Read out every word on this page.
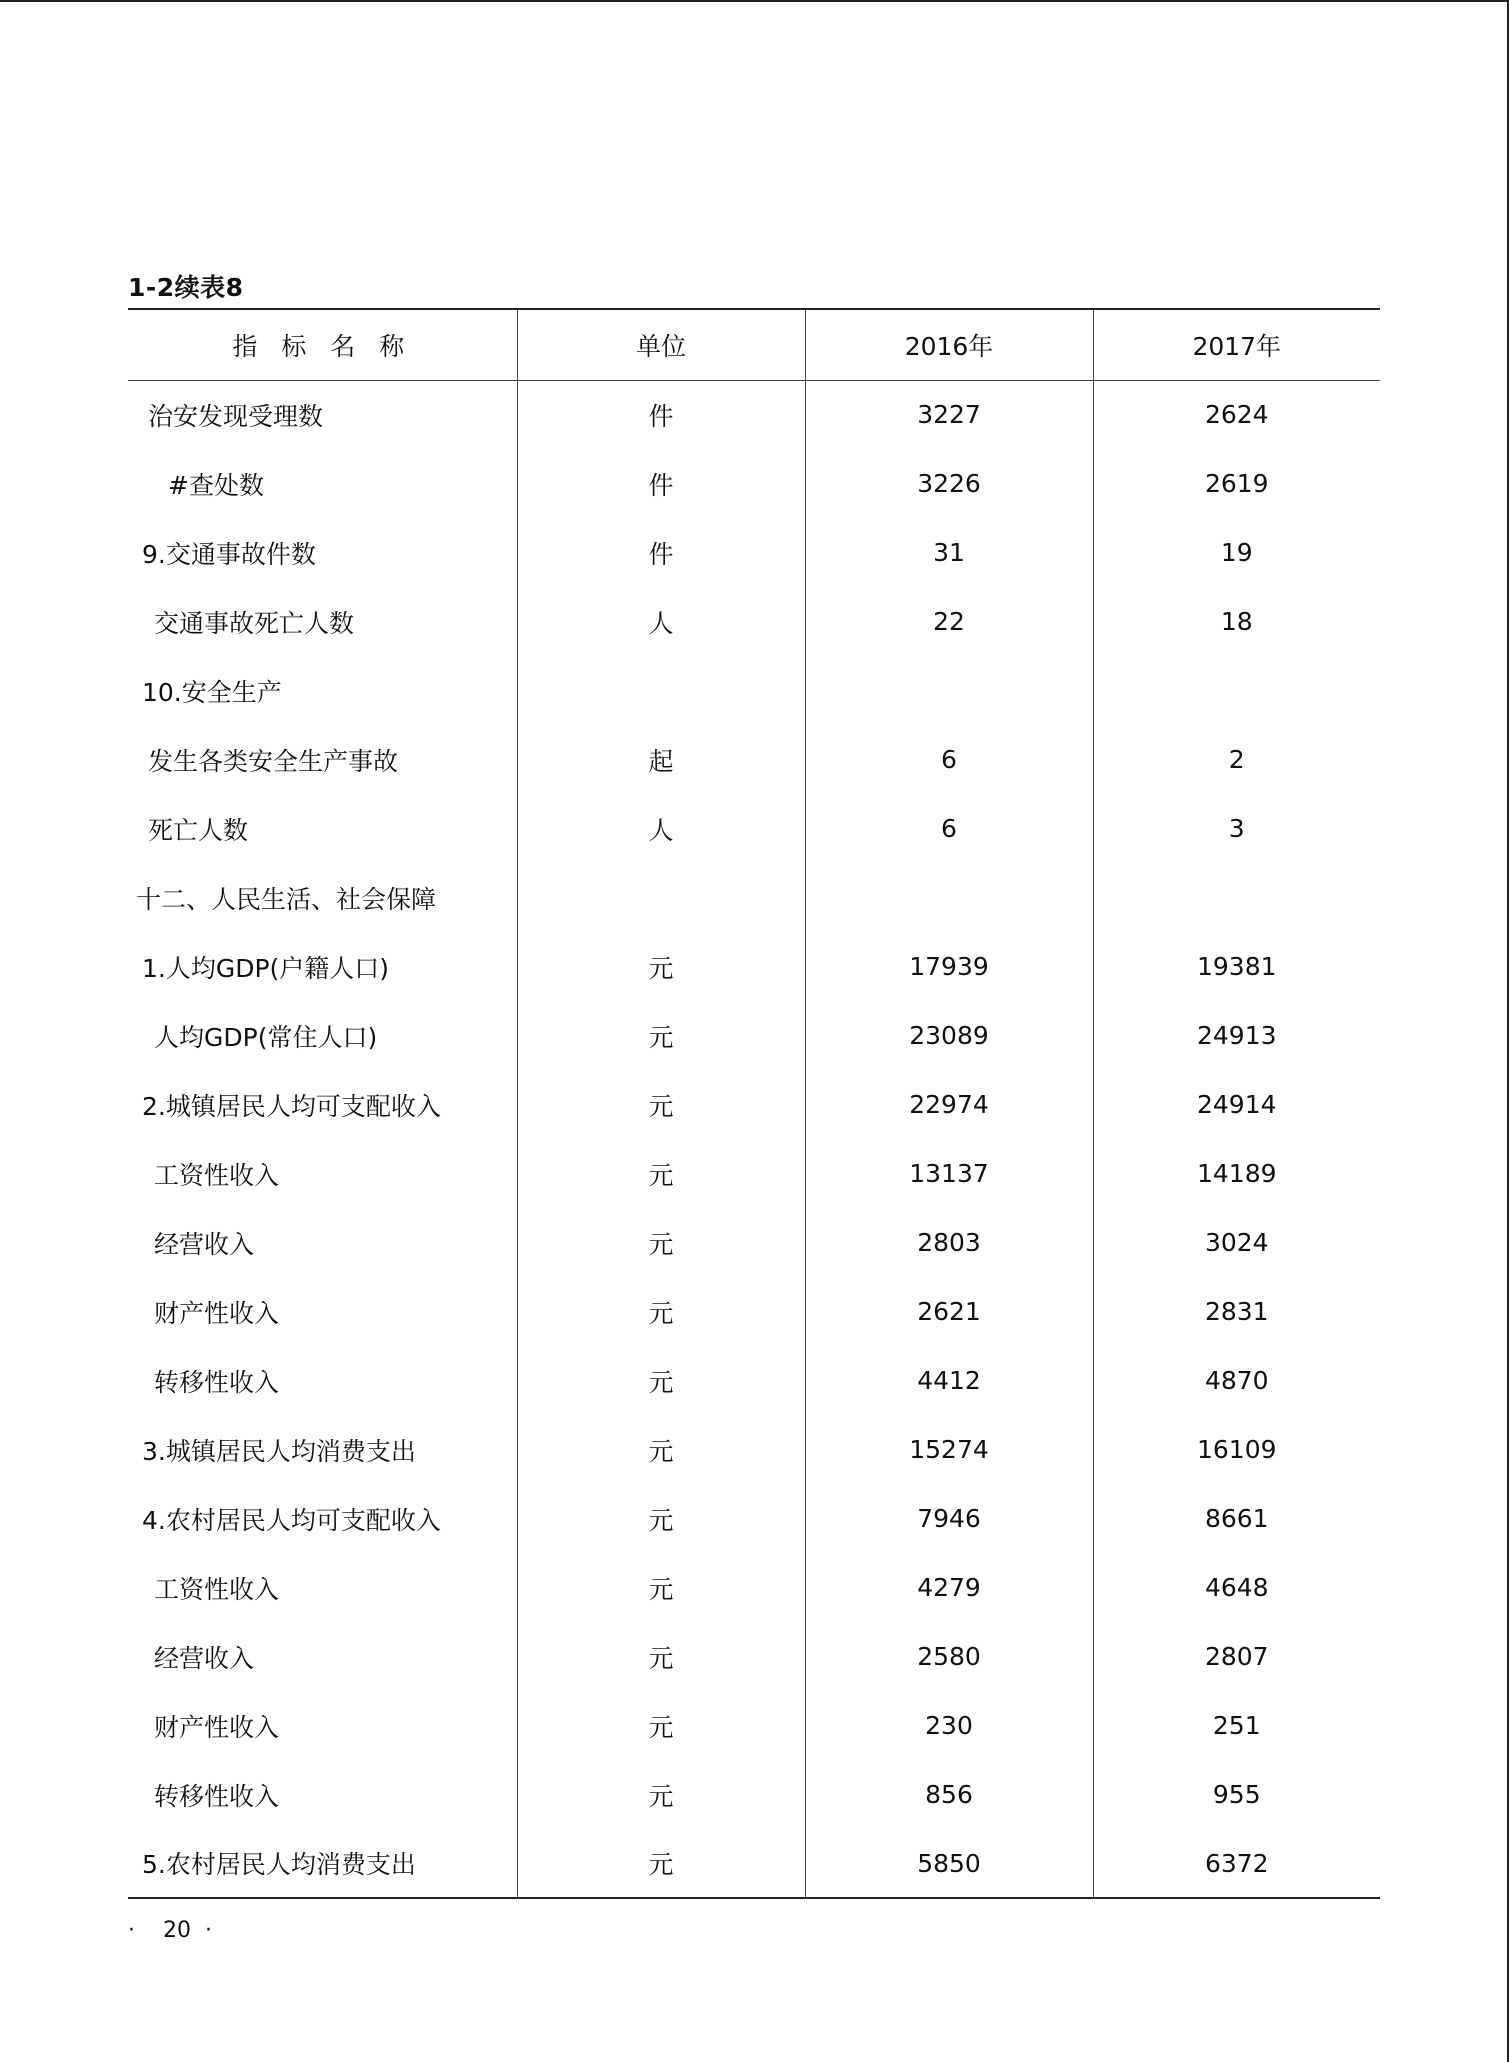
1-2续表8
指 标 名 称	单位	2016年	2017年
治安发现受理数	件	3227	2624
#查处数	件	3226	2619
9.交通事故件数	件	31	19
交通事故死亡人数	人	22	18
10.安全生产			
发生各类安全生产事故	起	6	2
死亡人数	人	6	3
十二、人民生活、社会保障			
1.人均GDP(户籍人口)	元	17939	19381
人均GDP(常住人口)	元	23089	24913
2.城镇居民人均可支配收入	元	22974	24914
工资性收入	元	13137	14189
经营收入	元	2803	3024
财产性收入	元	2621	2831
转移性收入	元	4412	4870
3.城镇居民人均消费支出	元	15274	16109
4.农村居民人均可支配收入	元	7946	8661
工资性收入	元	4279	4648
经营收入	元	2580	2807
财产性收入	元	230	251
转移性收入	元	856	955
5.农村居民人均消费支出	元	5850	6372
·    20  ·
